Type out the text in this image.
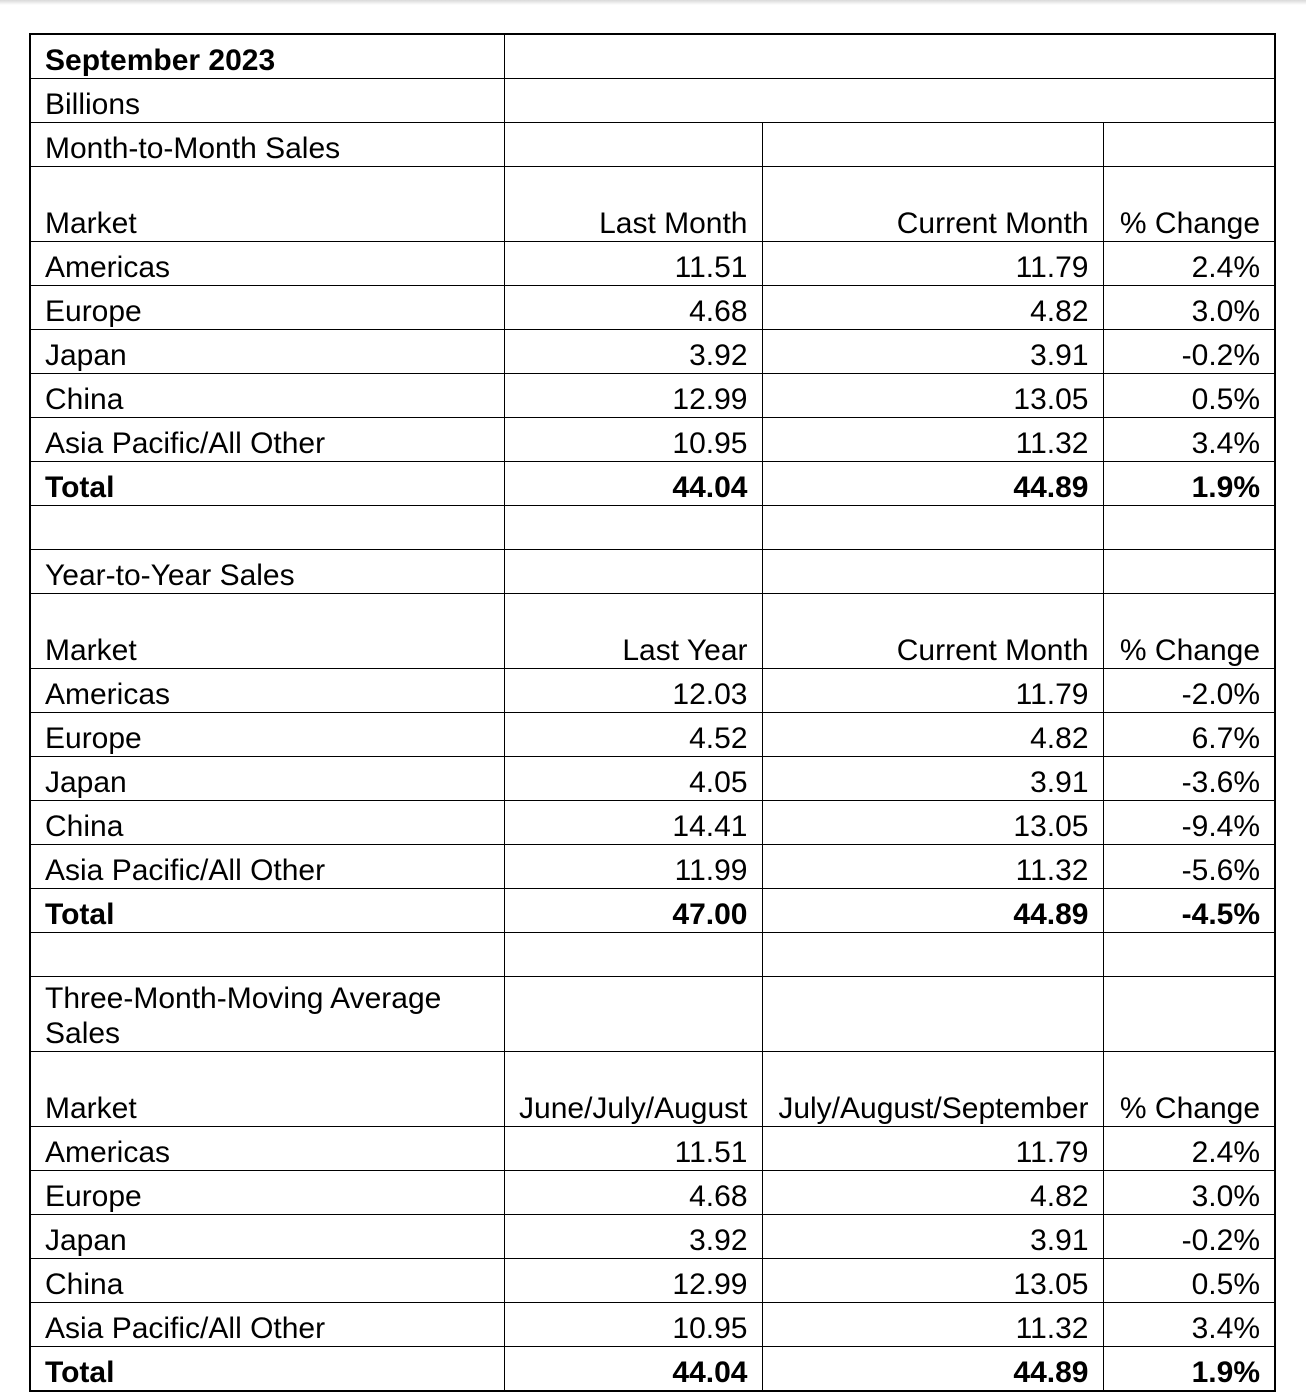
September 2023			
Billions			
Month-to-Month Sales			
Market	Last Month	Current Month	% Change
Americas	11.51	11.79	2.4%
Europe	4.68	4.82	3.0%
Japan	3.92	3.91	-0.2%
China	12.99	13.05	0.5%
Asia Pacific/All Other	10.95	11.32	3.4%
Total	44.04	44.89	1.9%

Year-to-Year Sales			
Market	Last Year	Current Month	% Change
Americas	12.03	11.79	-2.0%
Europe	4.52	4.82	6.7%
Japan	4.05	3.91	-3.6%
China	14.41	13.05	-9.4%
Asia Pacific/All Other	11.99	11.32	-5.6%
Total	47.00	44.89	-4.5%

Three-Month-Moving Average Sales			
Market	June/July/August	July/August/September	% Change
Americas	11.51	11.79	2.4%
Europe	4.68	4.82	3.0%
Japan	3.92	3.91	-0.2%
China	12.99	13.05	0.5%
Asia Pacific/All Other	10.95	11.32	3.4%
Total	44.04	44.89	1.9%
